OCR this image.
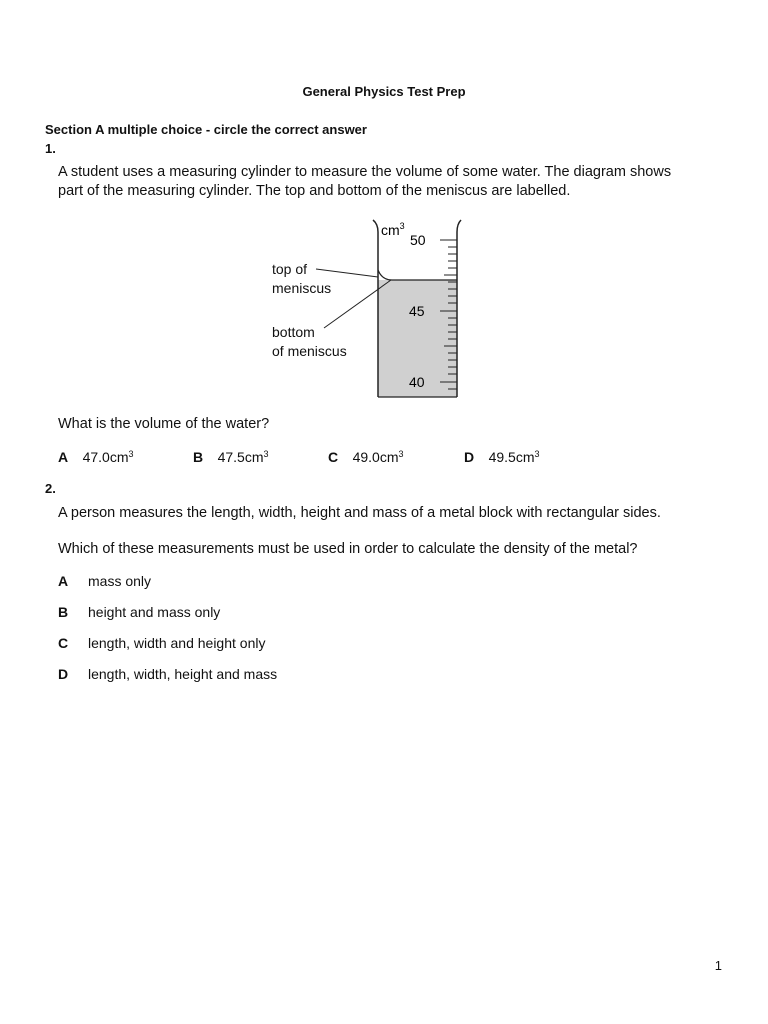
General Physics Test Prep
Section A multiple choice - circle the correct answer
1.
A student uses a measuring cylinder to measure the volume of some water. The diagram shows
part of the measuring cylinder. The top and bottom of the meniscus are labelled.
$cm^3$
50
45
40
top of
meniscus
bottom
of meniscus
What is the volume of the water?
A $47.0cm^3$	B $47.5cm^3$	C $49.0cm^3$	D $49.5cm^3$
2.
A person measures the length, width, height and mass of a metal block with rectangular sides.
Which of these measurements must be used in order to calculate the density of the metal?
A mass only
B height and mass only
C length, width and height only
D length, width, height and mass
1
